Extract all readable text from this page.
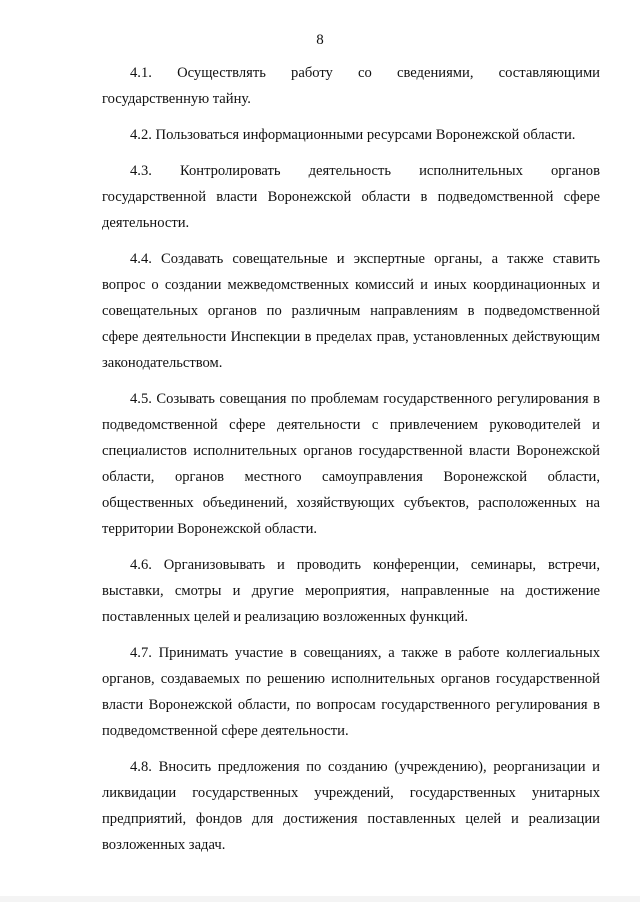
8

4.1. Осуществлять работу со сведениями, составляющими государственную тайну.

4.2. Пользоваться информационными ресурсами Воронежской области.

4.3. Контролировать деятельность исполнительных органов государственной власти Воронежской области в подведомственной сфере деятельности.

4.4. Создавать совещательные и экспертные органы, а также ставить вопрос о создании межведомственных комиссий и иных координационных и совещательных органов по различным направлениям в подведомственной сфере деятельности Инспекции в пределах прав, установленных действующим законодательством.

4.5. Созывать совещания по проблемам государственного регулирования в подведомственной сфере деятельности с привлечением руководителей и специалистов исполнительных органов государственной власти Воронежской области, органов местного самоуправления Воронежской области, общественных объединений, хозяйствующих субъектов, расположенных на территории Воронежской области.

4.6. Организовывать и проводить конференции, семинары, встречи, выставки, смотры и другие мероприятия, направленные на достижение поставленных целей и реализацию возложенных функций.

4.7. Принимать участие в совещаниях, а также в работе коллегиальных органов, создаваемых по решению исполнительных органов государственной власти Воронежской области, по вопросам государственного регулирования в подведомственной сфере деятельности.

4.8. Вносить предложения по созданию (учреждению), реорганизации и ликвидации государственных учреждений, государственных унитарных предприятий, фондов для достижения поставленных целей и реализации возложенных задач.
